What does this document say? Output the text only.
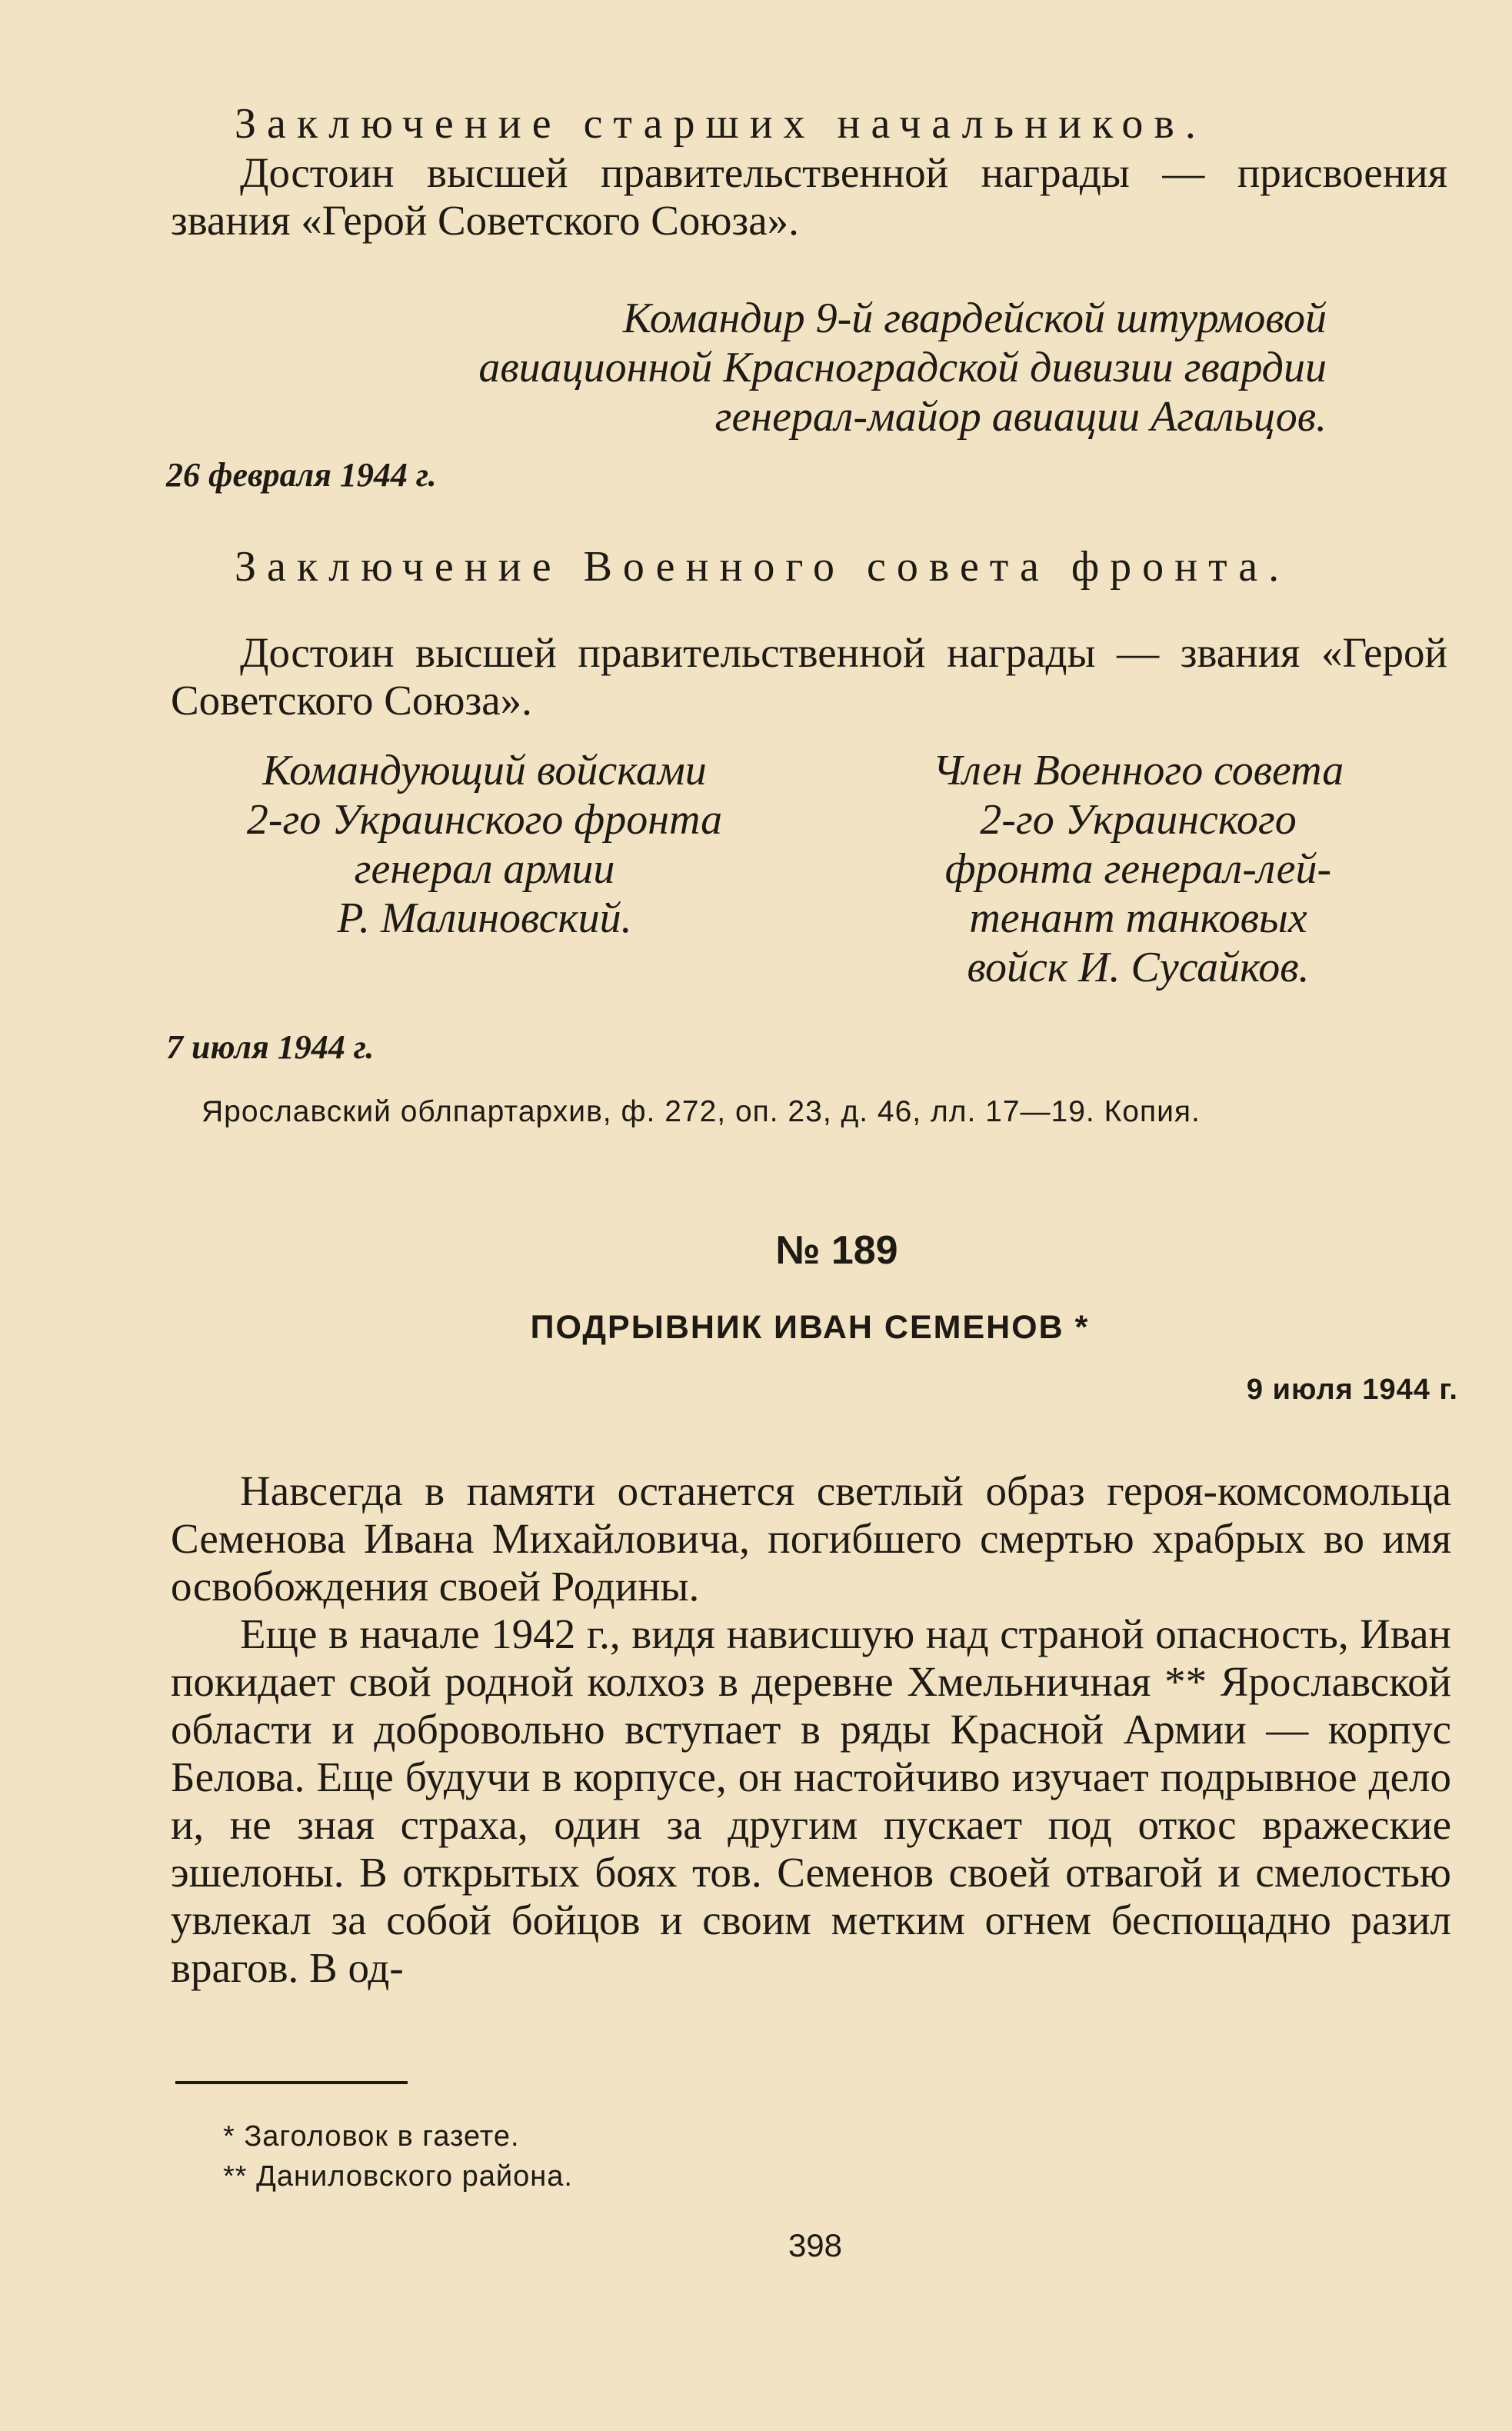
Заключение старших начальников.

Достоин высшей правительственной награды — присвоения звания «Герой Советского Союза».

Командир 9-й гвардейской штурмовой
авиационной Красноградской дивизии гвардии
генерал-майор авиации Агальцов.

26 февраля 1944 г.

Заключение Военного совета фронта.

Достоин высшей правительственной награды — звания «Герой Советского Союза».

Командующий войсками
2-го Украинского фронта
генерал армии
Р. Малиновский.
Член Военного совета
2-го Украинского
фронта генерал-лей-
тенант танковых
войск И. Сусайков.

7 июля 1944 г.

Ярославский облпартархив, ф. 272, оп. 23, д. 46, лл. 17—19. Копия.

№ 189

ПОДРЫВНИК ИВАН СЕМЕНОВ *

9 июля 1944 г.

Навсегда в памяти останется светлый образ героя-комсомольца Семенова Ивана Михайловича, погибшего смертью храбрых во имя освобождения своей Родины.

Еще в начале 1942 г., видя нависшую над страной опасность, Иван покидает свой родной колхоз в деревне Хмельничная ** Ярославской области и добровольно вступает в ряды Красной Армии — корпус Белова. Еще будучи в корпусе, он настойчиво изучает подрывное дело и, не зная страха, один за другим пускает под откос вражеские эшелоны. В открытых боях тов. Семенов своей отвагой и смелостью увлекал за собой бойцов и своим метким огнем беспощадно разил врагов. В од-

* Заголовок в газете.
** Даниловского района.

398
